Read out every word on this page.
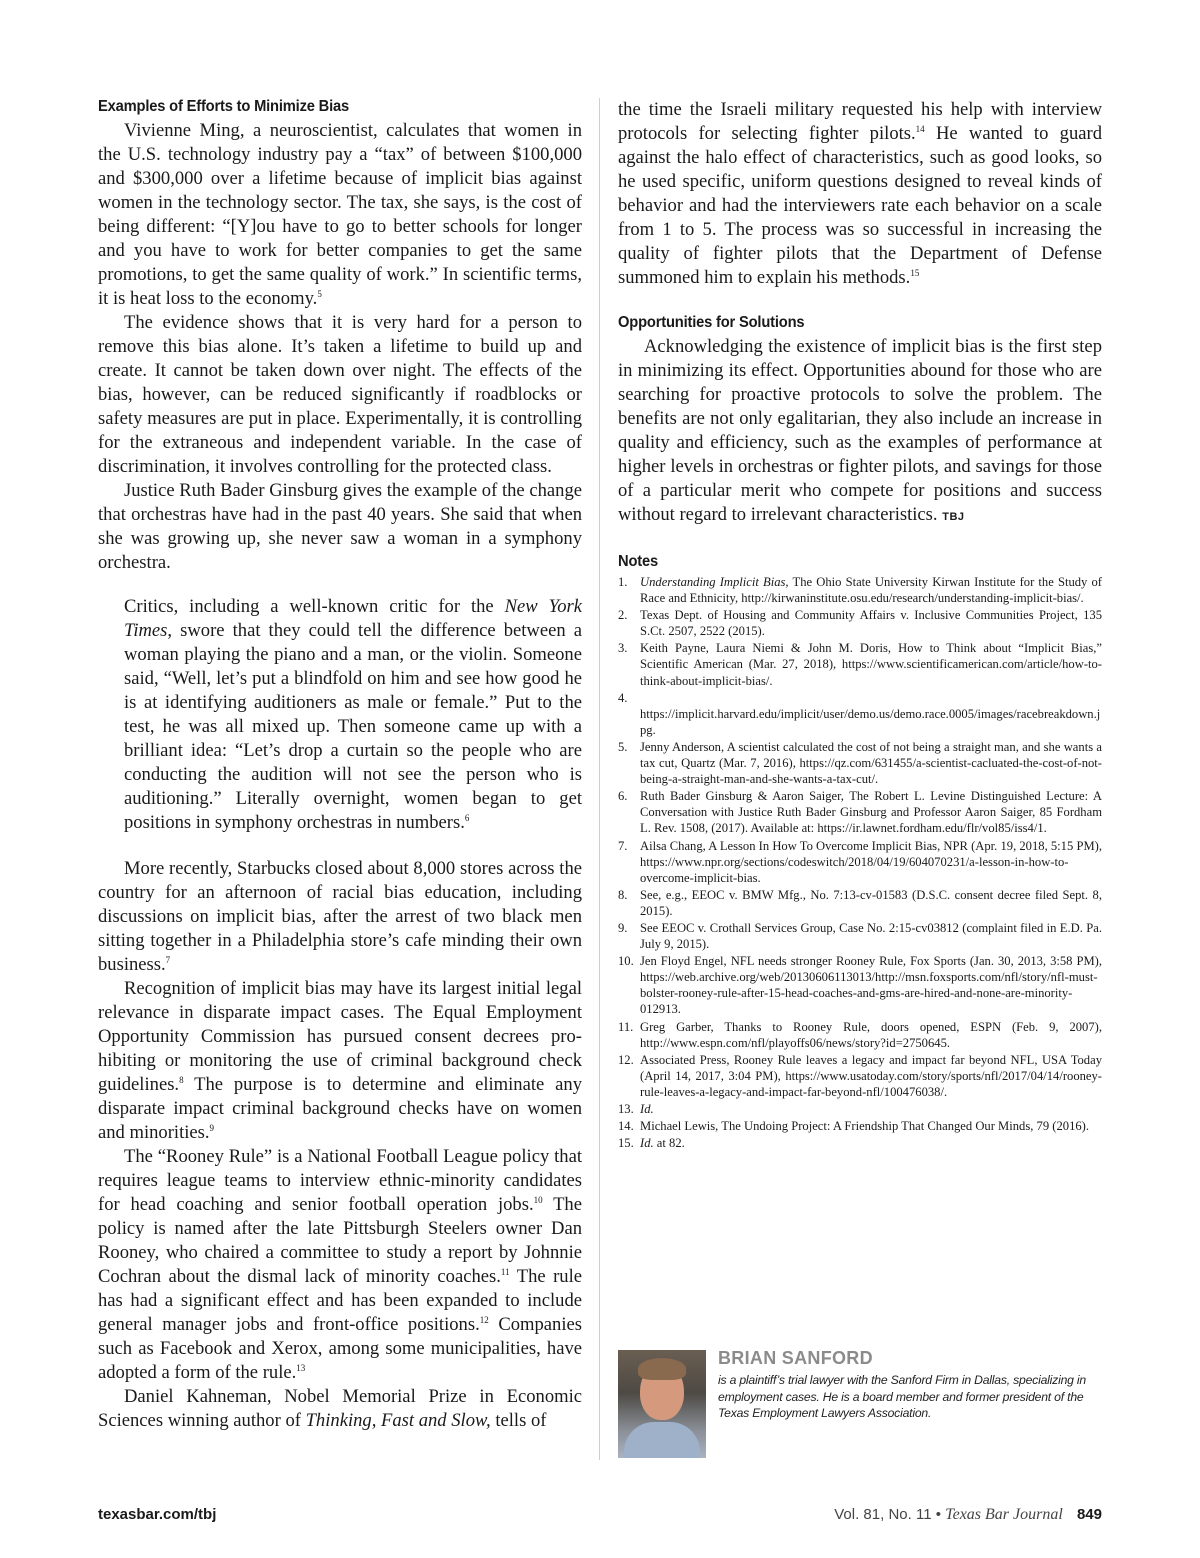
Examples of Efforts to Minimize Bias

Vivienne Ming, a neuroscientist, calculates that women in the U.S. technology industry pay a “tax” of between $100,000 and $300,000 over a lifetime because of implicit bias against women in the technology sector. The tax, she says, is the cost of being different: “[Y]ou have to go to better schools for longer and you have to work for better companies to get the same promotions, to get the same quality of work.” In scientific terms, it is heat loss to the economy.$^5$

The evidence shows that it is very hard for a person to remove this bias alone. It’s taken a lifetime to build up and create. It cannot be taken down over night. The effects of the bias, however, can be reduced significantly if roadblocks or safety measures are put in place. Experimentally, it is controlling for the extraneous and independent variable. In the case of discrimination, it involves controlling for the protected class.

Justice Ruth Bader Ginsburg gives the example of the change that orchestras have had in the past 40 years. She said that when she was growing up, she never saw a woman in a symphony orchestra.

Critics, including a well-known critic for the New York Times, swore that they could tell the difference between a woman playing the piano and a man, or the violin. Someone said, “Well, let’s put a blindfold on him and see how good he is at identifying auditioners as male or female.” Put to the test, he was all mixed up. Then someone came up with a brilliant idea: “Let’s drop a curtain so the people who are conducting the audition will not see the person who is auditioning.” Literally overnight, women began to get positions in symphony orchestras in numbers.$^6$

More recently, Starbucks closed about 8,000 stores across the country for an afternoon of racial bias education, including discussions on implicit bias, after the arrest of two black men sitting together in a Philadelphia store’s cafe minding their own business.$^7$

Recognition of implicit bias may have its largest initial legal relevance in disparate impact cases. The Equal Employment Opportunity Commission has pursued consent decrees prohibiting or monitoring the use of criminal background check guidelines.$^8$ The purpose is to determine and eliminate any disparate impact criminal background checks have on women and minorities.$^9$

The “Rooney Rule” is a National Football League policy that requires league teams to interview ethnic-minority candidates for head coaching and senior football operation jobs.$^{10}$ The policy is named after the late Pittsburgh Steelers owner Dan Rooney, who chaired a committee to study a report by Johnnie Cochran about the dismal lack of minority coaches.$^{11}$ The rule has had a significant effect and has been expanded to include general manager jobs and front-office positions.$^{12}$ Companies such as Facebook and Xerox, among some municipalities, have adopted a form of the rule.$^{13}$

Daniel Kahneman, Nobel Memorial Prize in Economic Sciences winning author of Thinking, Fast and Slow, tells of

the time the Israeli military requested his help with interview protocols for selecting fighter pilots.$^{14}$ He wanted to guard against the halo effect of characteristics, such as good looks, so he used specific, uniform questions designed to reveal kinds of behavior and had the interviewers rate each behavior on a scale from 1 to 5. The process was so successful in increasing the quality of fighter pilots that the Department of Defense summoned him to explain his methods.$^{15}$

Opportunities for Solutions

Acknowledging the existence of implicit bias is the first step in minimizing its effect. Opportunities abound for those who are searching for proactive protocols to solve the problem. The benefits are not only egalitarian, they also include an increase in quality and efficiency, such as the examples of performance at higher levels in orchestras or fighter pilots, and savings for those of a particular merit who compete for positions and success without regard to irrelevant characteristics. TBJ

Notes
1. Understanding Implicit Bias, The Ohio State University Kirwan Institute for the Study of Race and Ethnicity, http://kirwaninstitute.osu.edu/research/understanding-implicit-bias/.
2. Texas Dept. of Housing and Community Affairs v. Inclusive Communities Project, 135 S.Ct. 2507, 2522 (2015).
3. Keith Payne, Laura Niemi & John M. Doris, How to Think about “Implicit Bias,” Scientific American (Mar. 27, 2018), https://www.scientificamerican.com/article/how-to-think-about-implicit-bias/.
4.https://implicit.harvard.edu/implicit/user/demo.us/demo.race.0005/images/racebreakdown.jpg.
5. Jenny Anderson, A scientist calculated the cost of not being a straight man, and she wants a tax cut, Quartz (Mar. 7, 2016), https://qz.com/631455/a-scientist-cacluated-the-cost-of-not-being-a-straight-man-and-she-wants-a-tax-cut/.
6. Ruth Bader Ginsburg & Aaron Saiger, The Robert L. Levine Distinguished Lecture: A Conversation with Justice Ruth Bader Ginsburg and Professor Aaron Saiger, 85 Fordham L. Rev. 1508, (2017). Available at: https://ir.lawnet.fordham.edu/flr/vol85/iss4/1.
7. Ailsa Chang, A Lesson In How To Overcome Implicit Bias, NPR (Apr. 19, 2018, 5:15 PM), https://www.npr.org/sections/codeswitch/2018/04/19/604070231/a-lesson-in-how-to-overcome-implicit-bias.
8. See, e.g., EEOC v. BMW Mfg., No. 7:13-cv-01583 (D.S.C. consent decree filed Sept. 8, 2015).
9. See EEOC v. Crothall Services Group, Case No. 2:15-cv03812 (complaint filed in E.D. Pa. July 9, 2015).
10. Jen Floyd Engel, NFL needs stronger Rooney Rule, Fox Sports (Jan. 30, 2013, 3:58 PM), https://web.archive.org/web/20130606113013/http://msn.foxsports.com/nfl/story/nfl-must-bolster-rooney-rule-after-15-head-coaches-and-gms-are-hired-and-none-are-minority-012913.
11. Greg Garber, Thanks to Rooney Rule, doors opened, ESPN (Feb. 9, 2007), http://www.espn.com/nfl/playoffs06/news/story?id=2750645.
12. Associated Press, Rooney Rule leaves a legacy and impact far beyond NFL, USA Today (April 14, 2017, 3:04 PM), https://www.usatoday.com/story/sports/nfl/2017/04/14/rooney-rule-leaves-a-legacy-and-impact-far-beyond-nfl/100476038/.
13. Id.
14. Michael Lewis, The Undoing Project: A Friendship That Changed Our Minds, 79 (2016).
15. Id. at 82.
BRIAN SANFORD
is a plaintiff’s trial lawyer with the Sanford Firm in Dallas, specializing in employment cases. He is a board member and former president of the Texas Employment Lawyers Association.
texasbar.com/tbj	Vol. 81, No. 11 • Texas Bar Journal 849
